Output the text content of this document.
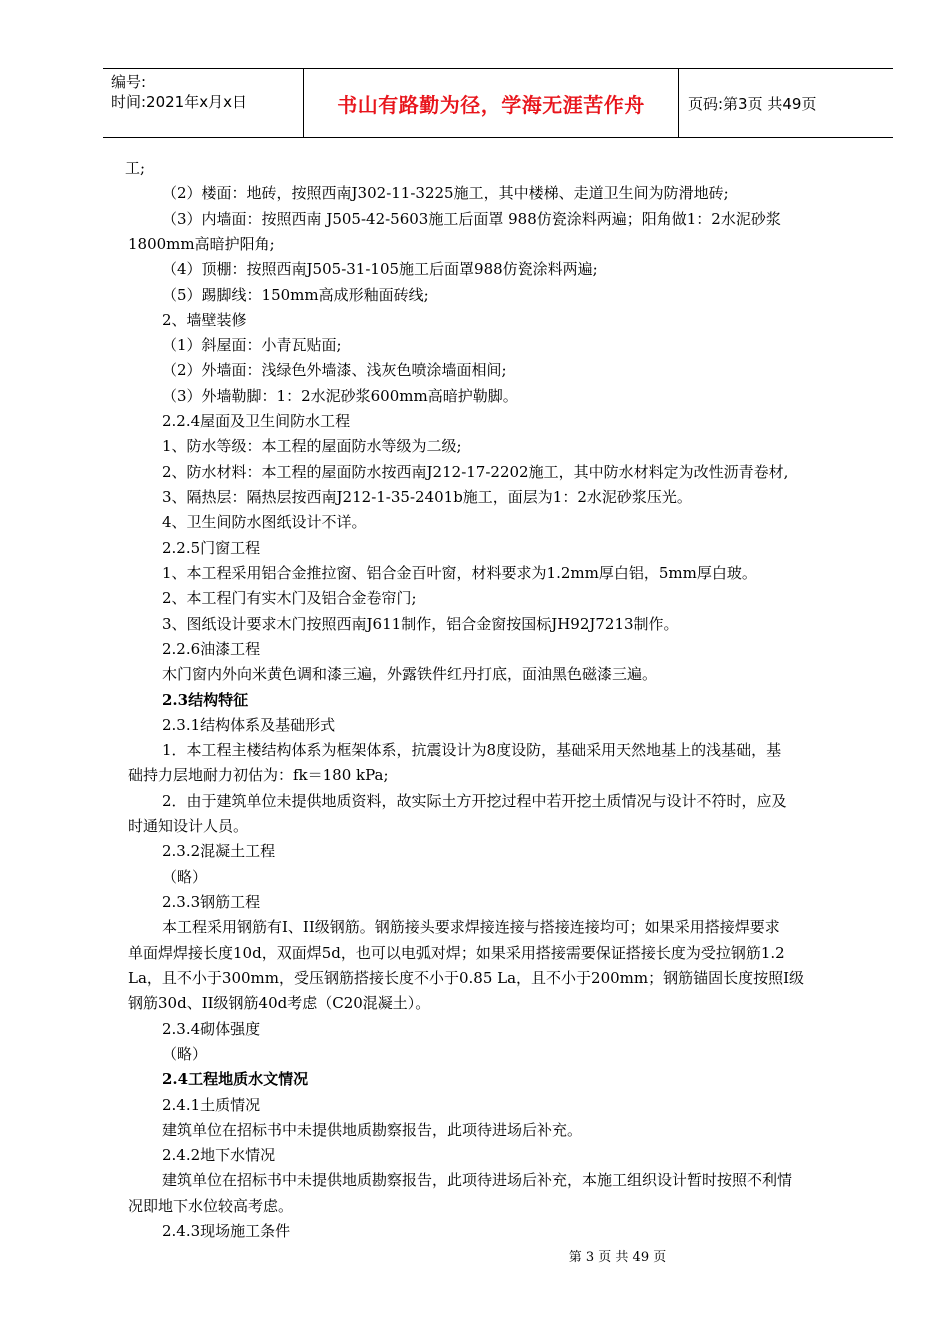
编号:
时间:2021年x月x日	书山有路勤为径，学海无涯苦作舟	页码:第3页 共49页
工;
（2）楼面：地砖，按照西南J302-11-3225施工，其中楼梯、走道卫生间为防滑地砖;
（3）内墙面：按照西南 J505-42-5603施工后面罩 988仿瓷涂料两遍；阳角做1：2水泥砂浆
1800mm高暗护阳角;
（4）顶棚：按照西南J505-31-105施工后面罩988仿瓷涂料两遍;
（5）踢脚线：150mm高成形釉面砖线;
2、墙壁装修
（1）斜屋面：小青瓦贴面;
（2）外墙面：浅绿色外墙漆、浅灰色喷涂墙面相间;
（3）外墙勒脚：1：2水泥砂浆600mm高暗护勒脚。
2.2.4屋面及卫生间防水工程
1、防水等级：本工程的屋面防水等级为二级;
2、防水材料：本工程的屋面防水按西南J212-17-2202施工，其中防水材料定为改性沥青卷材,
3、隔热层：隔热层按西南J212-1-35-2401b施工，面层为1：2水泥砂浆压光。
4、卫生间防水图纸设计不详。
2.2.5门窗工程
1、本工程采用铝合金推拉窗、铝合金百叶窗，材料要求为1.2mm厚白铝，5mm厚白玻。
2、本工程门有实木门及铝合金卷帘门;
3、图纸设计要求木门按照西南J611制作，铝合金窗按国标JH92J7213制作。
2.2.6油漆工程
木门窗内外向米黄色调和漆三遍，外露铁件红丹打底，面油黑色磁漆三遍。
2.3结构特征
2.3.1结构体系及基础形式
1．本工程主楼结构体系为框架体系，抗震设计为8度设防，基础采用天然地基上的浅基础，基
础持力层地耐力初估为：fk＝180 kPa;
2．由于建筑单位未提供地质资料，故实际土方开挖过程中若开挖土质情况与设计不符时，应及
时通知设计人员。
2.3.2混凝土工程
（略）
2.3.3钢筋工程
本工程采用钢筋有I、II级钢筋。钢筋接头要求焊接连接与搭接连接均可；如果采用搭接焊要求
单面焊焊接长度10d，双面焊5d，也可以电弧对焊；如果采用搭接需要保证搭接长度为受拉钢筋1.2
La，且不小于300mm，受压钢筋搭接长度不小于0.85 La，且不小于200mm；钢筋锚固长度按照I级
钢筋30d、II级钢筋40d考虑（C20混凝土）。
2.3.4砌体强度
（略）
2.4工程地质水文情况
2.4.1土质情况
建筑单位在招标书中未提供地质勘察报告，此项待进场后补充。
2.4.2地下水情况
建筑单位在招标书中未提供地质勘察报告，此项待进场后补充，本施工组织设计暂时按照不利情
况即地下水位较高考虑。
2.4.3现场施工条件
第 3 页 共 49 页
